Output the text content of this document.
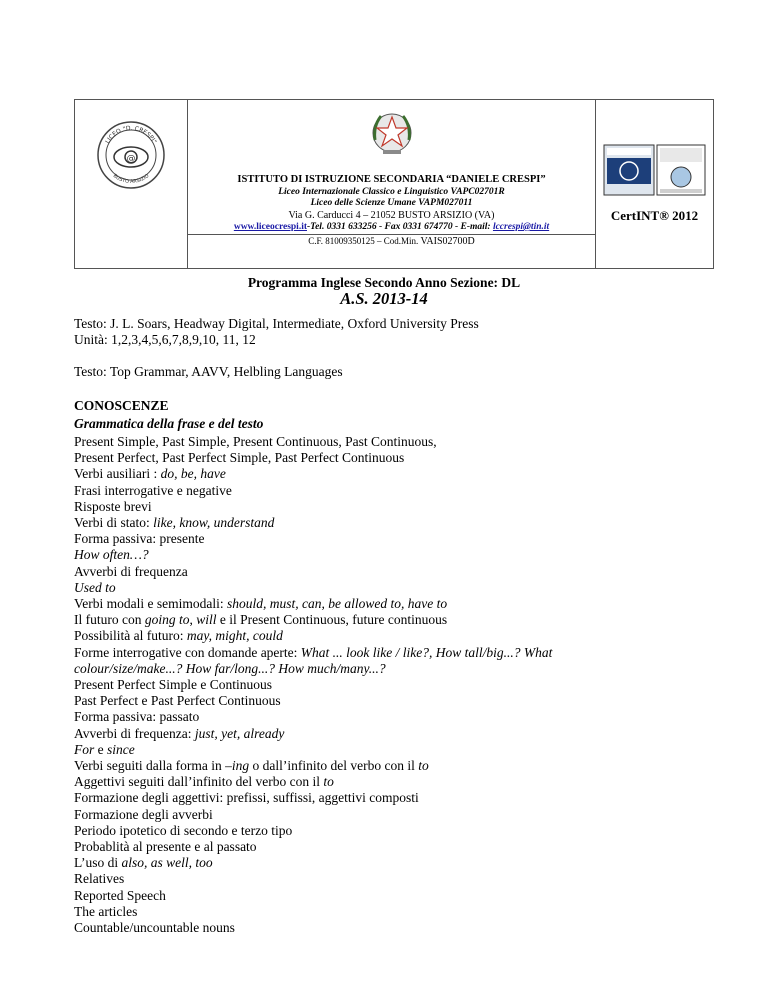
@
LICEO "D. CRESPI"
BUSTO ARSIZIO	ISTITUTO DI ISTRUZIONE SECONDARIA “DANIELE CRESPI”
Liceo Internazionale Classico e Linguistico VAPC02701R
Liceo delle Scienze Umane VAPM027011
Via G. Carducci 4 – 21052 BUSTO ARSIZIO (VA)
www.liceocrespi.it-Tel. 0331 633256 - Fax 0331 674770 - E-mail: lccrespi@tin.it
C.F. 81009350125 – Cod.Min. VAIS02700D
CertINT® 2012
Programma Inglese Secondo Anno Sezione: DL
A.S. 2013-14
Testo: J. L. Soars, Headway Digital, Intermediate, Oxford University Press
Unità: 1,2,3,4,5,6,7,8,9,10, 11, 12
Testo: Top Grammar, AAVV, Helbling Languages
CONOSCENZE
Grammatica della frase e del testo
Present Simple, Past Simple, Present Continuous, Past Continuous,
Present Perfect, Past Perfect Simple, Past Perfect Continuous
Verbi ausiliari : do, be, have
Frasi interrogative e negative
Risposte brevi
Verbi di stato: like, know, understand
Forma passiva: presente
How often…?
Avverbi di frequenza
Used to
Verbi modali e semimodali: should, must, can, be allowed to, have to
Il futuro con going to, will e il Present Continuous, future continuous
Possibilità al futuro: may, might, could
Forme interrogative con domande aperte: What ... look like / like?, How tall/big...? What
colour/size/make...? How far/long...? How much/many...?
Present Perfect Simple e Continuous
Past Perfect e Past Perfect Continuous
Forma passiva: passato
Avverbi di frequenza: just, yet, already
For e since
Verbi seguiti dalla forma in –ing o dall’infinito del verbo con il to
Aggettivi seguiti dall’infinito del verbo con il to
Formazione degli aggettivi: prefissi, suffissi, aggettivi composti
Formazione degli avverbi
Periodo ipotetico di secondo e terzo tipo
Probablità al presente e al passato
L’uso di also, as well, too
Relatives
Reported Speech
The articles
Countable/uncountable nouns
